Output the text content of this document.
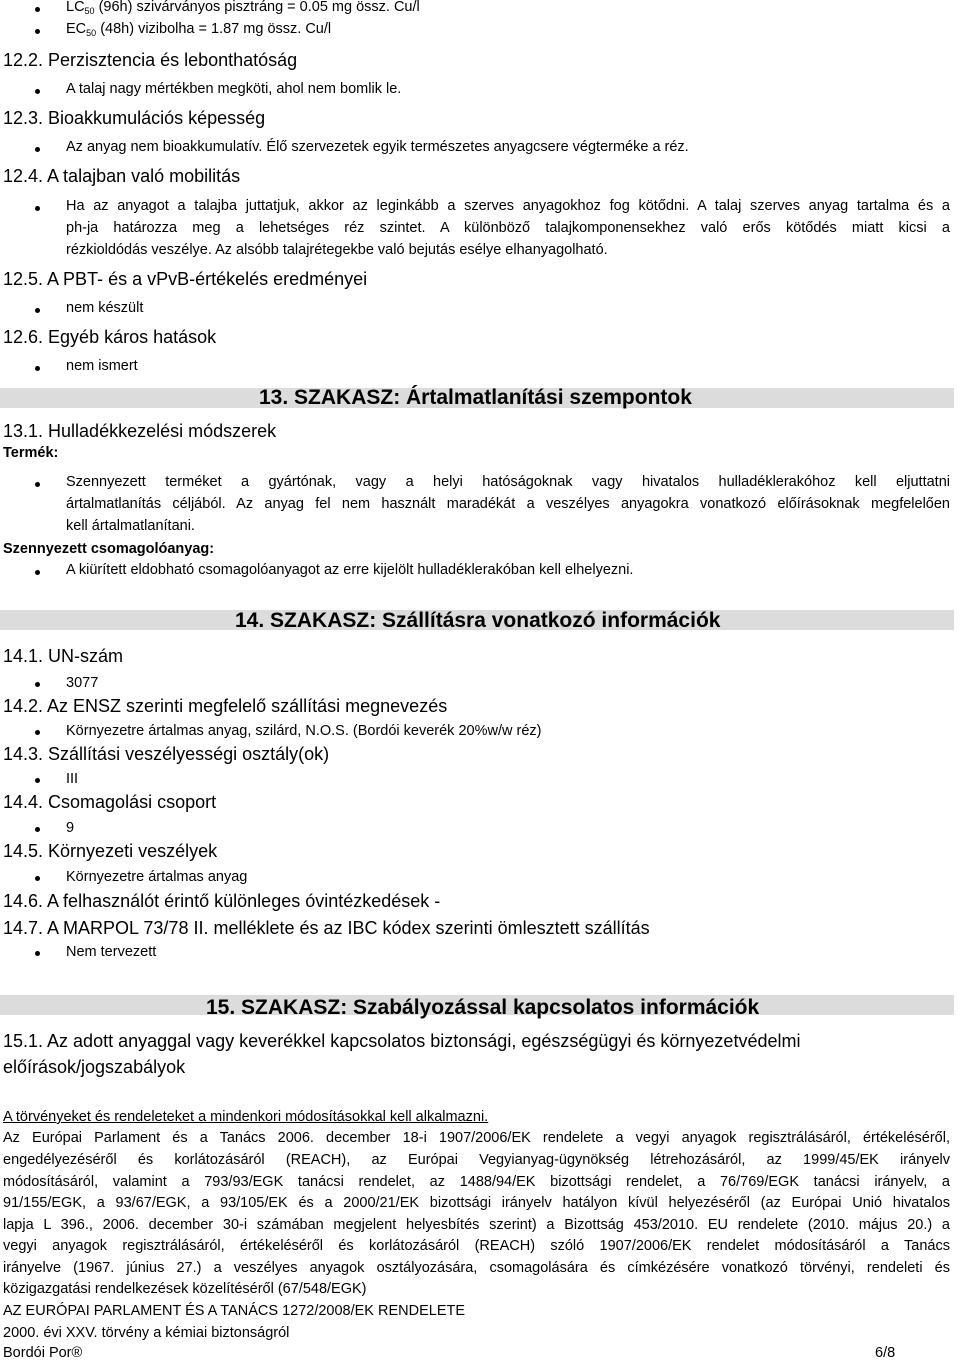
$LC_{50}$ (96h) szivárványos pisztráng = 0.05 mg össz. Cu/l
$EC_{50}$ (48h) vizibolha = 1.87 mg össz. Cu/l
12.2. Perzisztencia és lebonthatóság
A talaj nagy mértékben megköti, ahol nem bomlik le.
12.3. Bioakkumulációs képesség
Az anyag nem bioakkumulatív. Élő szervezetek egyik természetes anyagcsere végterméke a réz.
12.4. A talajban való mobilitás
Ha az anyagot a talajba juttatjuk, akkor az leginkább a szerves anyagokhoz fog kötődni. A talaj szerves anyag tartalma és a
ph-ja határozza meg a lehetséges réz szintet. A különböző talajkomponensekhez való erős kötődés miatt kicsi a
rézkioldódás veszélye. Az alsóbb talajrétegekbe való bejutás esélye elhanyagolható.
12.5. A PBT- és a vPvB-értékelés eredményei
nem készült
12.6. Egyéb káros hatások
nem ismert
13. SZAKASZ: Ártalmatlanítási szempontok
13.1. Hulladékkezelési módszerek
Termék:
Szennyezett terméket a gyártónak, vagy a helyi hatóságoknak vagy hivatalos hulladéklerakóhoz kell eljuttatni
ártalmatlanítás céljából. Az anyag fel nem használt maradékát a veszélyes anyagokra vonatkozó előírásoknak megfelelően
kell ártalmatlanítani.
Szennyezett csomagolóanyag:
A kiürített eldobható csomagolóanyagot az erre kijelölt hulladéklerakóban kell elhelyezni.
14. SZAKASZ: Szállításra vonatkozó információk
14.1. UN-szám
3077
14.2. Az ENSZ szerinti megfelelő szállítási megnevezés
Környezetre ártalmas anyag, szilárd, N.O.S. (Bordói keverék 20%w/w réz)
14.3. Szállítási veszélyességi osztály(ok)
III
14.4. Csomagolási csoport
9
14.5. Környezeti veszélyek
Környezetre ártalmas anyag
14.6. A felhasználót érintő különleges óvintézkedések -
14.7. A MARPOL 73/78 II. melléklete és az IBC kódex szerinti ömlesztett szállítás
Nem tervezett
15. SZAKASZ: Szabályozással kapcsolatos információk
15.1. Az adott anyaggal vagy keverékkel kapcsolatos biztonsági, egészségügyi és környezetvédelmi
előírások/jogszabályok
A törvényeket és rendeleteket a mindenkori módosításokkal kell alkalmazni.
Az Európai Parlament és a Tanács 2006. december 18-i 1907/2006/EK rendelete a vegyi anyagok regisztrálásáról, értékeléséről,
engedélyezéséről és korlátozásáról (REACH), az Európai Vegyianyag-ügynökség létrehozásáról, az 1999/45/EK irányelv
módosításáról, valamint a 793/93/EGK tanácsi rendelet, az 1488/94/EK bizottsági rendelet, a 76/769/EGK tanácsi irányelv, a
91/155/EGK, a 93/67/EGK, a 93/105/EK és a 2000/21/EK bizottsági irányelv hatályon kívül helyezéséről (az Európai Unió hivatalos
lapja L 396., 2006. december 30-i számában megjelent helyesbítés szerint) a Bizottság 453/2010. EU rendelete (2010. május 20.) a
vegyi anyagok regisztrálásáról, értékeléséről és korlátozásáról (REACH) szóló 1907/2006/EK rendelet módosításáról a Tanács
irányelve (1967. június 27.) a veszélyes anyagok osztályozására, csomagolására és címkézésére vonatkozó törvényi, rendeleti és
közigazgatási rendelkezések közelítéséről (67/548/EGK)
AZ EURÓPAI PARLAMENT ÉS A TANÁCS 1272/2008/EK RENDELETE
2000. évi XXV. törvény a kémiai biztonságról
Bordói Por®	6/8
